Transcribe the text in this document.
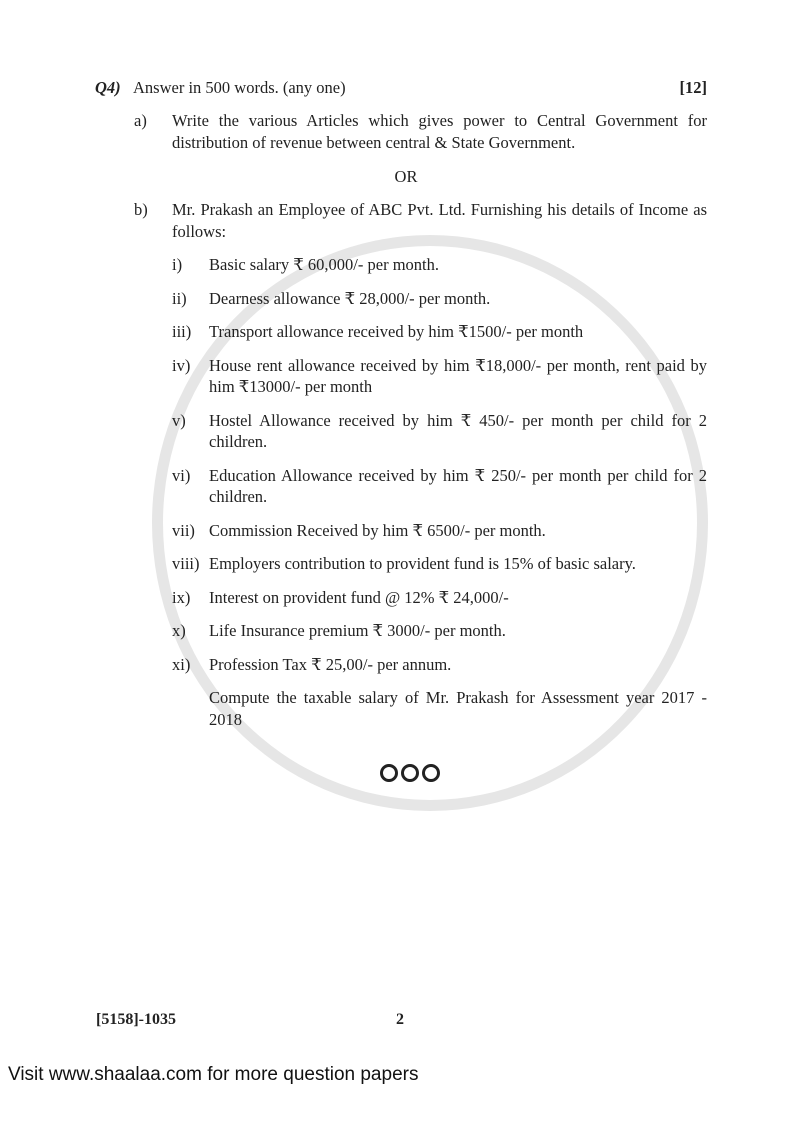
Q4) Answer in 500 words. (any one)	[12]
a)	Write the various Articles which gives power to Central Government for distribution of revenue between central & State Government.
OR
b)	Mr. Prakash an Employee of ABC Pvt. Ltd. Furnishing his details of Income as follows:
i)	Basic salary ₹ 60,000/- per month.
ii)	Dearness allowance ₹ 28,000/- per month.
iii)	Transport allowance received by him ₹1500/- per month
iv)	House rent allowance received by him ₹18,000/- per month, rent paid by him ₹13000/- per month
v)	Hostel Allowance received by him ₹ 450/- per month per child for 2 children.
vi)	Education Allowance received by him ₹ 250/- per month per child for 2 children.
vii) Commission Received by him ₹ 6500/- per month.
viii) Employers contribution to provident fund is 15% of basic salary.
ix)	Interest on provident fund @ 12% ₹ 24,000/-
x)	Life Insurance premium ₹ 3000/- per month.
xi)	Profession Tax ₹ 25,00/- per annum.
Compute the taxable salary of Mr. Prakash for Assessment year 2017 - 2018
[5158]-1035	2
Visit www.shaalaa.com for more question papers
